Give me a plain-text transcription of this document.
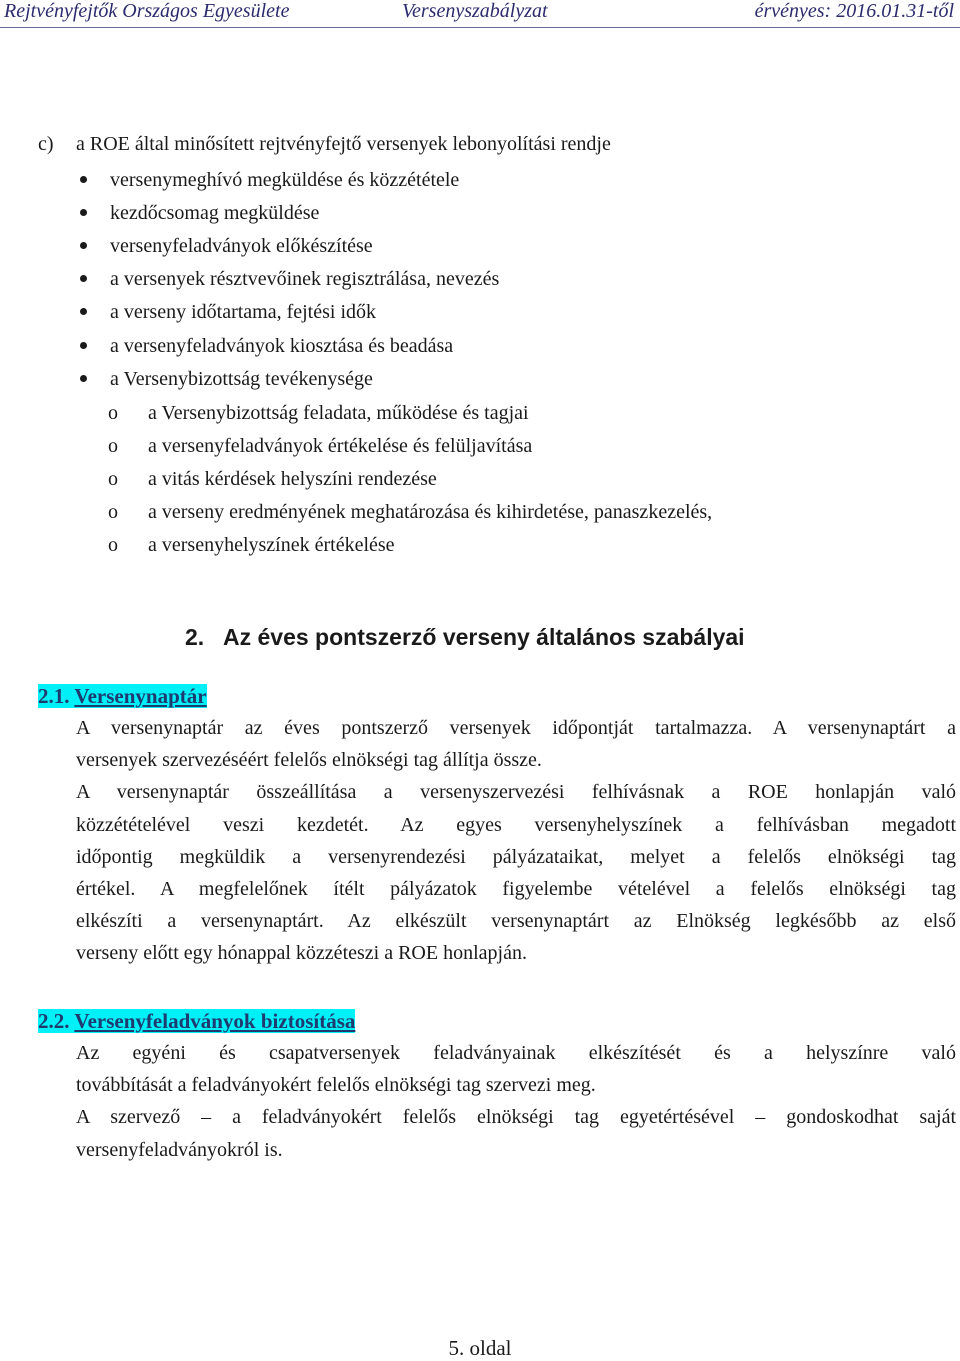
Rejtvényfejtők Országos Egyesülete	Versenyszabályzat	érvényes: 2016.01.31-től
c) a ROE által minősített rejtvényfejtő versenyek lebonyolítási rendje
versenymeghívó megküldése és közzététele
kezdőcsomag megküldése
versenyfeladványok előkészítése
a versenyek résztvevőinek regisztrálása, nevezés
a verseny időtartama, fejtési idők
a versenyfeladványok kiosztása és beadása
a Versenybizottság tevékenysége
o a Versenybizottság feladata, működése és tagjai
o a versenyfeladványok értékelése és felüljavítása
o a vitás kérdések helyszíni rendezése
o a verseny eredményének meghatározása és kihirdetése, panaszkezelés,
o a versenyhelyszínek értékelése
2. Az éves pontszerző verseny általános szabályai
2.1. Versenynaptár
A versenynaptár az éves pontszerző versenyek időpontját tartalmazza. A versenynaptárt a
versenyek szervezéséért felelős elnökségi tag állítja össze.
A versenynaptár összeállítása a versenyszervezési felhívásnak a ROE honlapján való
közzétételével veszi kezdetét. Az egyes versenyhelyszínek a felhívásban megadott
időpontig megküldik a versenyrendezési pályázataikat, melyet a felelős elnökségi tag
értékel. A megfelelőnek ítélt pályázatok figyelembe vételével a felelős elnökségi tag
elkészíti a versenynaptárt. Az elkészült versenynaptárt az Elnökség legkésőbb az első
verseny előtt egy hónappal közzéteszi a ROE honlapján.
2.2. Versenyfeladványok biztosítása
Az egyéni és csapatversenyek feladványainak elkészítését és a helyszínre való
továbbítását a feladványokért felelős elnökségi tag szervezi meg.
A szervező – a feladványokért felelős elnökségi tag egyetértésével – gondoskodhat saját
versenyfeladványokról is.
5. oldal
